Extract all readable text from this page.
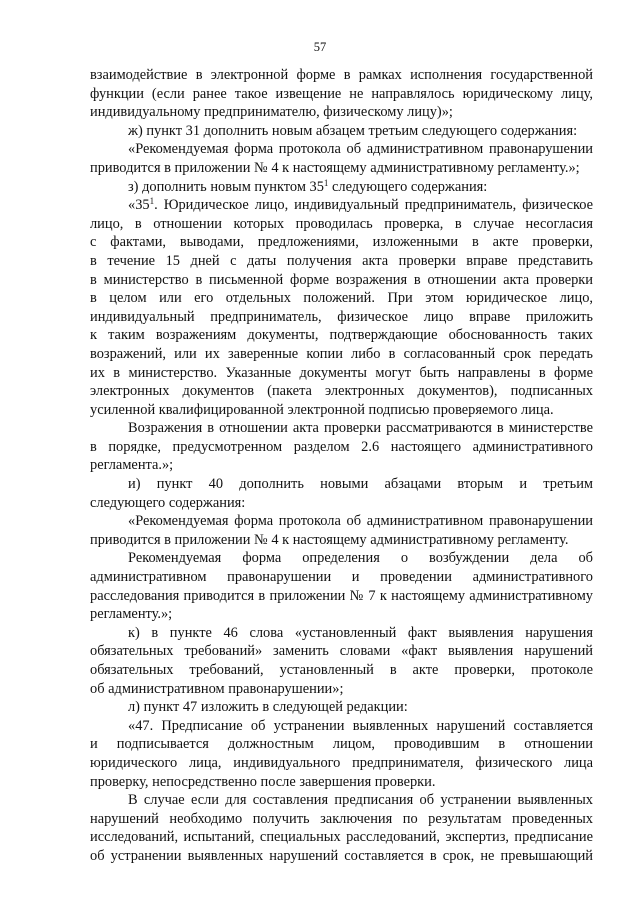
57
взаимодействие в электронной форме в рамках исполнения государственной
функции (если ранее такое извещение не направлялось юридическому лицу,
индивидуальному предпринимателю, физическому лицу)»;
ж) пункт 31 дополнить новым абзацем третьим следующего содержания:
«Рекомендуемая форма протокола об административном правонарушении
приводится в приложении № 4 к настоящему административному регламенту.»;
з) дополнить новым пунктом $35^1$ следующего содержания:
«$35^1$. Юридическое лицо, индивидуальный предприниматель, физическое
лицо, в отношении которых проводилась проверка, в случае несогласия
с фактами, выводами, предложениями, изложенными в акте проверки,
в течение 15 дней с даты получения акта проверки вправе представить
в министерство в письменной форме возражения в отношении акта проверки
в целом или его отдельных положений. При этом юридическое лицо,
индивидуальный предприниматель, физическое лицо вправе приложить
к таким возражениям документы, подтверждающие обоснованность таких
возражений, или их заверенные копии либо в согласованный срок передать
их в министерство. Указанные документы могут быть направлены в форме
электронных документов (пакета электронных документов), подписанных
усиленной квалифицированной электронной подписью проверяемого лица.
Возражения в отношении акта проверки рассматриваются в министерстве
в порядке, предусмотренном разделом 2.6 настоящего административного
регламента.»;
и) пункт 40 дополнить новыми абзацами вторым и третьим
следующего содержания:
«Рекомендуемая форма протокола об административном правонарушении
приводится в приложении № 4 к настоящему административному регламенту.
Рекомендуемая форма определения о возбуждении дела об
административном правонарушении и проведении административного
расследования приводится в приложении № 7 к настоящему административному
регламенту.»;
к) в пункте 46 слова «установленный факт выявления нарушения
обязательных требований» заменить словами «факт выявления нарушений
обязательных требований, установленный в акте проверки, протоколе
об административном правонарушении»;
л) пункт 47 изложить в следующей редакции:
«47. Предписание об устранении выявленных нарушений составляется
и подписывается должностным лицом, проводившим в отношении
юридического лица, индивидуального предпринимателя, физического лица
проверку, непосредственно после завершения проверки.
В случае если для составления предписания об устранении выявленных
нарушений необходимо получить заключения по результатам проведенных
исследований, испытаний, специальных расследований, экспертиз, предписание
об устранении выявленных нарушений составляется в срок, не превышающий
